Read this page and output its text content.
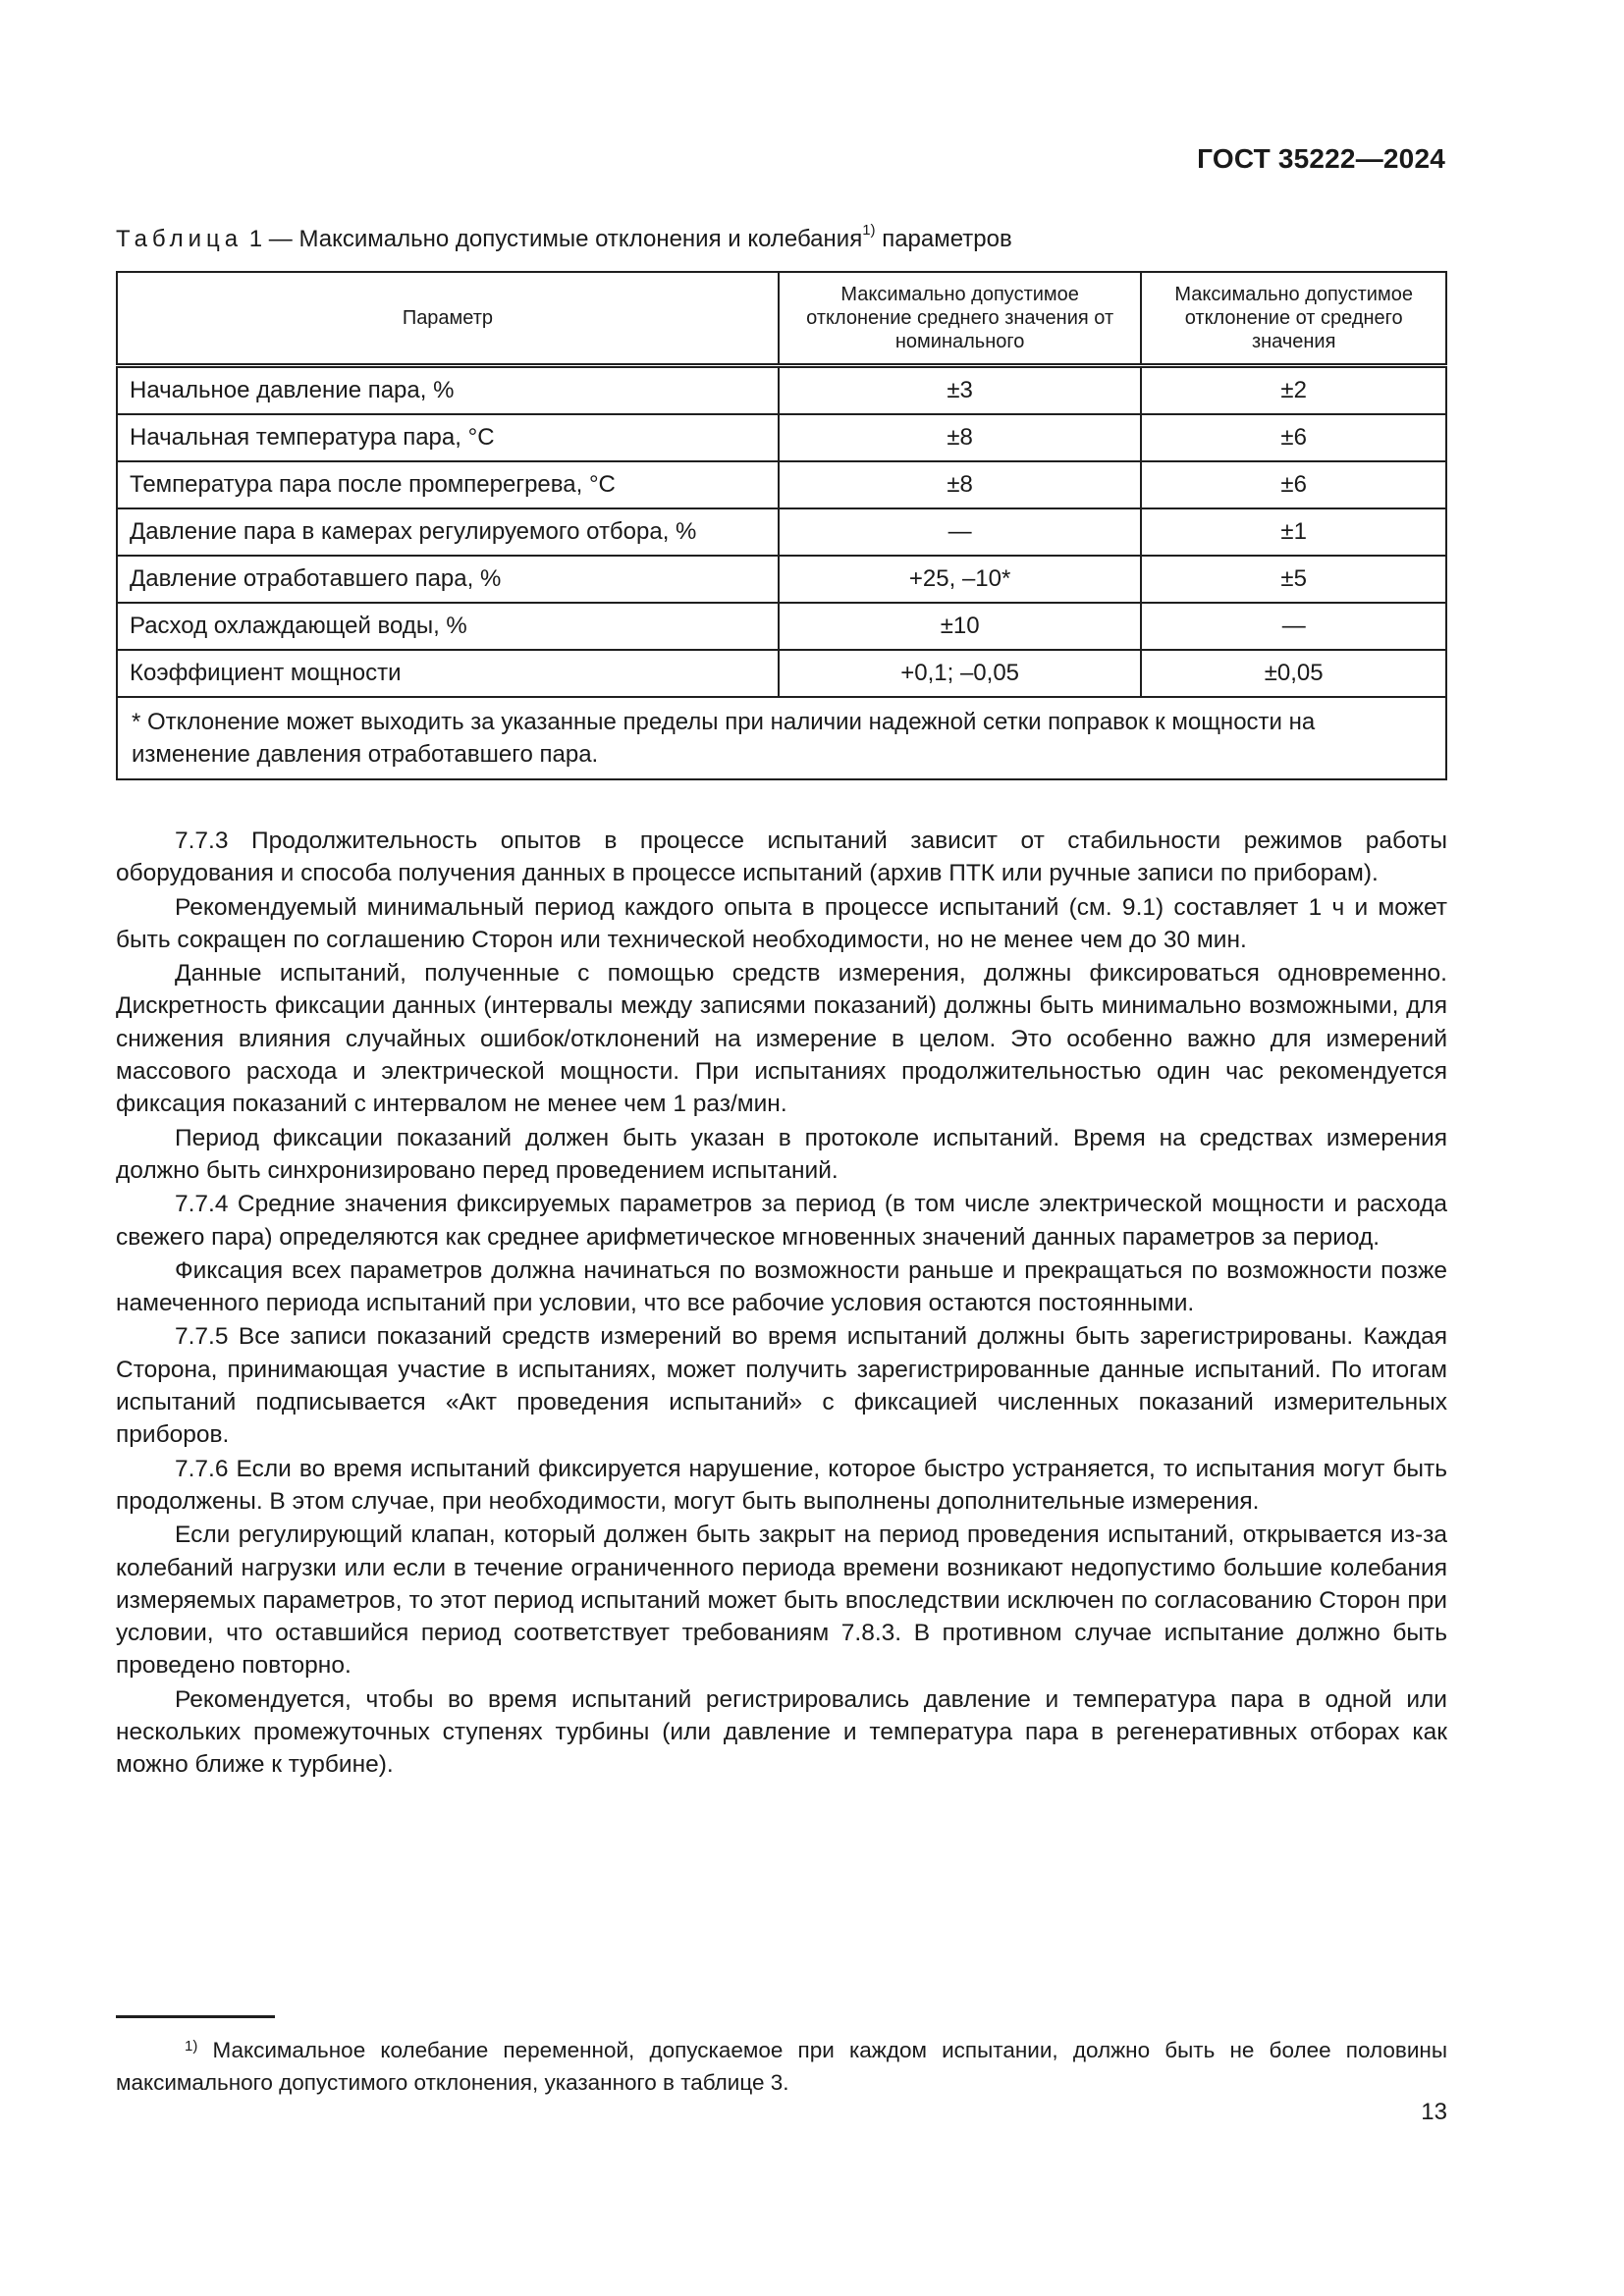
ГОСТ 35222—2024
Таблица 1 — Максимально допустимые отклонения и колебания$^{1)}$ параметров
Параметр	Максимально допустимое отклонение среднего значения от номинального	Максимально допустимое отклонение от среднего значения
Начальное давление пара, %	±3	±2
Начальная температура пара, °C	±8	±6
Температура пара после промперегрева, °C	±8	±6
Давление пара в камерах регулируемого отбора, %	—	±1
Давление отработавшего пара, %	+25, –10*	±5
Расход охлаждающей воды, %	±10	—
Коэффициент мощности	+0,1; –0,05	±0,05
* Отклонение может выходить за указанные пределы при наличии надежной сетки поправок к мощности на изменение давления отработавшего пара.		

7.7.3 Продолжительность опытов в процессе испытаний зависит от стабильности режимов работы оборудования и способа получения данных в процессе испытаний (архив ПТК или ручные записи по приборам).

Рекомендуемый минимальный период каждого опыта в процессе испытаний (см. 9.1) составляет 1 ч и может быть сокращен по соглашению Сторон или технической необходимости, но не менее чем до 30 мин.

Данные испытаний, полученные с помощью средств измерения, должны фиксироваться одновременно. Дискретность фиксации данных (интервалы между записями показаний) должны быть минимально возможными, для снижения влияния случайных ошибок/отклонений на измерение в целом. Это особенно важно для измерений массового расхода и электрической мощности. При испытаниях продолжительностью один час рекомендуется фиксация показаний с интервалом не менее чем 1 раз/мин.

Период фиксации показаний должен быть указан в протоколе испытаний. Время на средствах измерения должно быть синхронизировано перед проведением испытаний.

7.7.4 Средние значения фиксируемых параметров за период (в том числе электрической мощности и расхода свежего пара) определяются как среднее арифметическое мгновенных значений данных параметров за период.

Фиксация всех параметров должна начинаться по возможности раньше и прекращаться по возможности позже намеченного периода испытаний при условии, что все рабочие условия остаются постоянными.

7.7.5 Все записи показаний средств измерений во время испытаний должны быть зарегистрированы. Каждая Сторона, принимающая участие в испытаниях, может получить зарегистрированные данные испытаний. По итогам испытаний подписывается «Акт проведения испытаний» с фиксацией численных показаний измерительных приборов.

7.7.6 Если во время испытаний фиксируется нарушение, которое быстро устраняется, то испытания могут быть продолжены. В этом случае, при необходимости, могут быть выполнены дополнительные измерения.

Если регулирующий клапан, который должен быть закрыт на период проведения испытаний, открывается из-за колебаний нагрузки или если в течение ограниченного периода времени возникают недопустимо большие колебания измеряемых параметров, то этот период испытаний может быть впоследствии исключен по согласованию Сторон при условии, что оставшийся период соответствует требованиям 7.8.3. В противном случае испытание должно быть проведено повторно.

Рекомендуется, чтобы во время испытаний регистрировались давление и температура пара в одной или нескольких промежуточных ступенях турбины (или давление и температура пара в регенеративных отборах как можно ближе к турбине).

$^{1)}$ Максимальное колебание переменной, допускаемое при каждом испытании, должно быть не более половины максимального допустимого отклонения, указанного в таблице 3.
13
